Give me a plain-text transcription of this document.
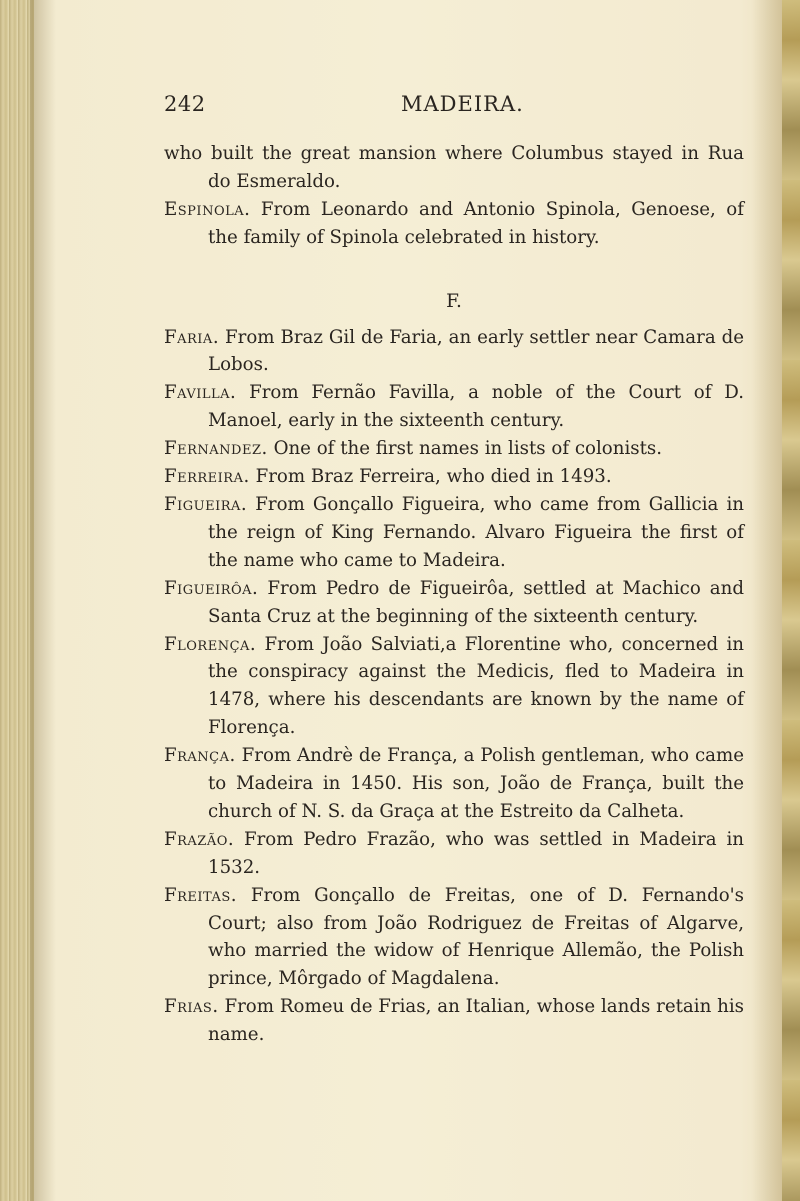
242	MADEIRA.

who built the great mansion where Columbus stayed in Rua do Esmeraldo.

Espinola. From Leonardo and Antonio Spinola, Genoese, of the family of Spinola celebrated in history.

F.

Faria. From Braz Gil de Faria, an early settler near Camara de Lobos.

Favilla. From Fernão Favilla, a noble of the Court of D. Manoel, early in the sixteenth century.

Fernandez. One of the first names in lists of colonists.

Ferreira. From Braz Ferreira, who died in 1493.

Figueira. From Gonçallo Figueira, who came from Gallicia in the reign of King Fernando. Alvaro Figueira the first of the name who came to Madeira.

Figueirôa. From Pedro de Figueirôa, settled at Machico and Santa Cruz at the beginning of the sixteenth century.

Florença. From João Salviati,a Florentine who, concerned in the conspiracy against the Medicis, fled to Madeira in 1478, where his descendants are known by the name of Florença.

França. From Andrè de França, a Polish gentleman, who came to Madeira in 1450. His son, João de França, built the church of N. S. da Graça at the Estreito da Calheta.

Frazão. From Pedro Frazão, who was settled in Madeira in 1532.

Freitas. From Gonçallo de Freitas, one of D. Fernando's Court; also from João Rodriguez de Freitas of Algarve, who married the widow of Henrique Allemão, the Polish prince, Môrgado of Magdalena.

Frias. From Romeu de Frias, an Italian, whose lands retain his name.
